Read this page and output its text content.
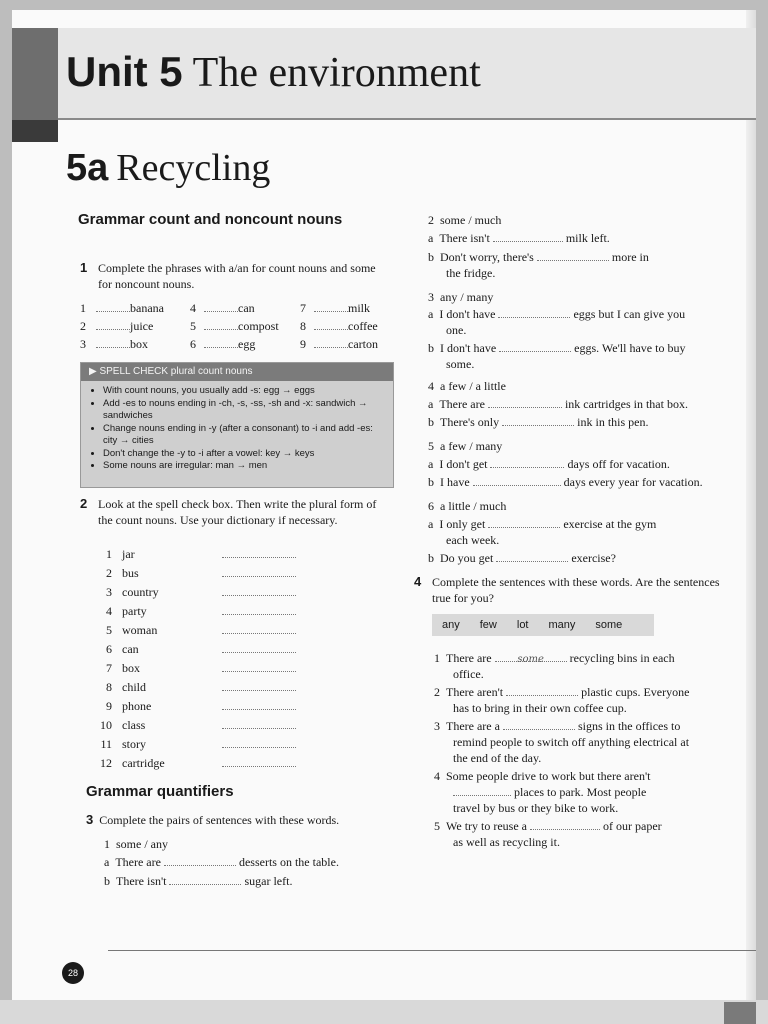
Unit 5 The environment
5a Recycling
Grammar count and noncount nouns
1 Complete the phrases with a/an for count nouns and some for noncount nouns.
1	banana
2	juice
3	box
4	can
5	compost
6	egg
7	milk
8	coffee
9	carton
▶ SPELL CHECK plural count nouns
• With count nouns, you usually add -s: egg → eggs
• Add -es to nouns ending in -ch, -s, -ss, -sh and -x: sandwich → sandwiches
• Change nouns ending in -y (after a consonant) to -i and add -es: city → cities
• Don't change the -y to -i after a vowel: key → keys
• Some nouns are irregular: man → men
2 Look at the spell check box. Then write the plural form of the count nouns. Use your dictionary if necessary.
1 jar
2 bus
3 country
4 party
5 woman
6 can
7 box
8 child
9 phone
10 class
11 story
12 cartridge
Grammar quantifiers
3 Complete the pairs of sentences with these words.
1 some / any
a There are	desserts on the table.
b There isn't	sugar left.
2 some / much
a There isn't	milk left.
b Don't worry, there's	more in
the fridge.
3 any / many
a I don't have	eggs but I can give you
one.
b I don't have	eggs. We'll have to buy
some.
4 a few / a little
a There are	ink cartridges in that box.
b There's only	ink in this pen.
5 a few / many
a I don't get	days off for vacation.
b I have	days every year for vacation.
6 a little / much
a I only get	exercise at the gym
each week.
b Do you get	exercise?
4 Complete the sentences with these words. Are the sentences true for you?
any few lot many some
1 There are	some recycling bins in each
office.
2 There aren't	plastic cups. Everyone
has to bring in their own coffee cup.
3 There are a	signs in the offices to
remind people to switch off anything electrical at
the end of the day.
4 Some people drive to work but there aren't
places to park. Most people
travel by bus or they bike to work.
5 We try to reuse a	of our paper
as well as recycling it.
28
